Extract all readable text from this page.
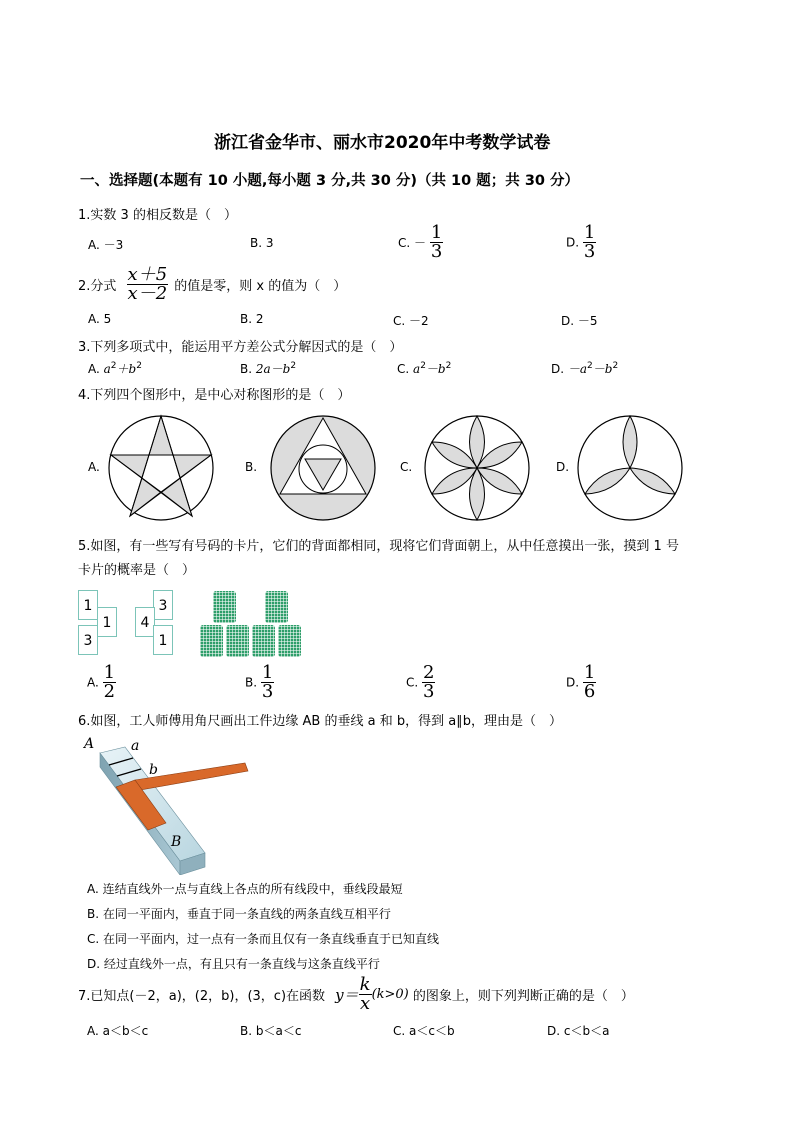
浙江省金华市、丽水市2020年中考数学试卷
一、选择题(本题有 10 小题,每小题 3 分,共 30 分)（共 10 题；共 30 分）
1.实数 3 的相反数是（　）
A. －3	B. 3	C. － $\frac{1}{3}$	D. $\frac{1}{3}$
2.分式 $\frac{x+5}{x-2}$ 的值是零，则 x 的值为（　）
A. 5	B. 2	C. －2	D. －5
3.下列多项式中，能运用平方差公式分解因式的是（　）
A. $a^2+b^2$	B. $2a-b^2$	C. $a^2-b^2$	D. $-a^2-b^2$
4.下列四个图形中，是中心对称图形的是（　）
A.	B.	C.	D.
5.如图，有一些写有号码的卡片，它们的背面都相同，现将它们背面朝上，从中任意摸出一张，摸到 1 号
卡片的概率是（　）
1
1
3
3
4
1
A. $\frac{1}{2}$	B. $\frac{1}{3}$	C. $\frac{2}{3}$	D. $\frac{1}{6}$
6.如图，工人师傅用角尺画出工件边缘 AB 的垂线 a 和 b，得到 a∥b，理由是（　）
A	a
b
B
A. 连结直线外一点与直线上各点的所有线段中，垂线段最短
B. 在同一平面内，垂直于同一条直线的两条直线互相平行
C. 在同一平面内，过一点有一条而且仅有一条直线垂直于已知直线
D. 经过直线外一点，有且只有一条直线与这条直线平行
7.已知点(－2，a)，(2，b)，(3，c)在函数 $y= \frac{k}{x} (k>0)$ 的图象上，则下列判断正确的是（　）
A. a＜b＜c	B. b＜a＜c	C. a＜c＜b	D. c＜b＜a
